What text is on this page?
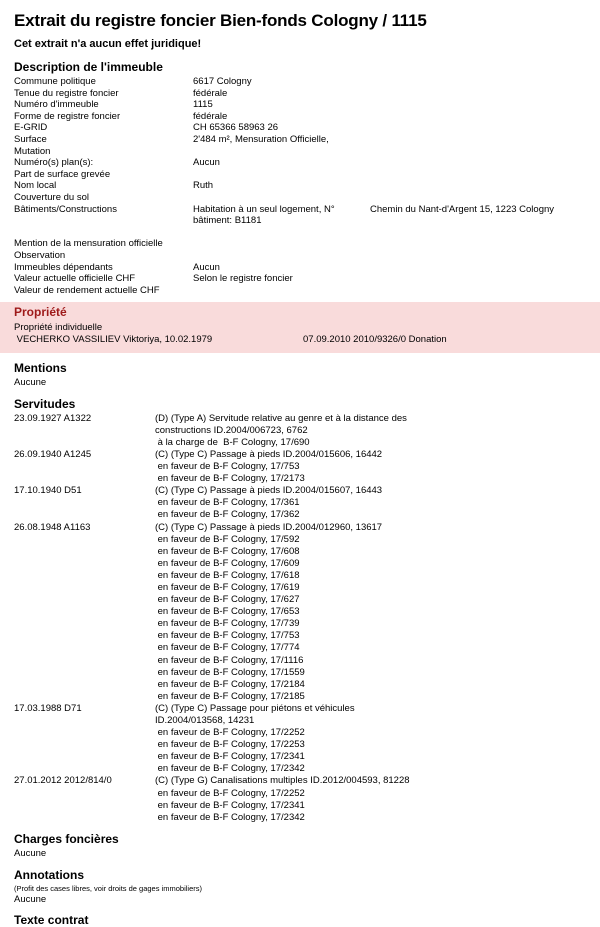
Extrait du registre foncier Bien-fonds Cologny / 1115
Cet extrait n'a aucun effet juridique!
Description de l'immeuble
Commune politique	6617 Cologny
Tenue du registre foncier	fédérale
Numéro d'immeuble	1115
Forme de registre foncier	fédérale
E-GRID	CH 65366 58963 26
Surface	2'484 m², Mensuration Officielle,
Mutation
Numéro(s) plan(s):	Aucun
Part de surface grevée
Nom local	Ruth
Couverture du sol
Bâtiments/Constructions	Habitation à un seul logement, N°	Chemin du Nant-d'Argent 15, 1223 Cologny
bâtiment: B1181
Mention de la mensuration officielle
Observation
Immeubles dépendants	Aucun
Valeur actuelle officielle CHF	Selon le registre foncier
Valeur de rendement actuelle CHF
Propriété
Propriété individuelle
VECHERKO VASSILIEV Viktoriya, 10.02.1979	07.09.2010 2010/9326/0 Donation
Mentions
Aucune
Servitudes
23.09.1927 A1322	(D) (Type A) Servitude relative au genre et à la distance des
constructions ID.2004/006723, 6762
à la charge de  B-F Cologny, 17/690
26.09.1940 A1245	(C) (Type C) Passage à pieds ID.2004/015606, 16442
en faveur de B-F Cologny, 17/753
en faveur de B-F Cologny, 17/2173
17.10.1940 D51	(C) (Type C) Passage à pieds ID.2004/015607, 16443
en faveur de B-F Cologny, 17/361
en faveur de B-F Cologny, 17/362
26.08.1948 A1163	(C) (Type C) Passage à pieds ID.2004/012960, 13617
en faveur de B-F Cologny, 17/592
en faveur de B-F Cologny, 17/608
en faveur de B-F Cologny, 17/609
en faveur de B-F Cologny, 17/618
en faveur de B-F Cologny, 17/619
en faveur de B-F Cologny, 17/627
en faveur de B-F Cologny, 17/653
en faveur de B-F Cologny, 17/739
en faveur de B-F Cologny, 17/753
en faveur de B-F Cologny, 17/774
en faveur de B-F Cologny, 17/1116
en faveur de B-F Cologny, 17/1559
en faveur de B-F Cologny, 17/2184
en faveur de B-F Cologny, 17/2185
17.03.1988 D71	(C) (Type C) Passage pour piétons et véhicules
ID.2004/013568, 14231
en faveur de B-F Cologny, 17/2252
en faveur de B-F Cologny, 17/2253
en faveur de B-F Cologny, 17/2341
en faveur de B-F Cologny, 17/2342
27.01.2012 2012/814/0	(C) (Type G) Canalisations multiples ID.2012/004593, 81228
en faveur de B-F Cologny, 17/2252
en faveur de B-F Cologny, 17/2341
en faveur de B-F Cologny, 17/2342
Charges foncières
Aucune
Annotations
(Profit des cases libres, voir droits de gages immobiliers)
Aucune
Texte contrat
